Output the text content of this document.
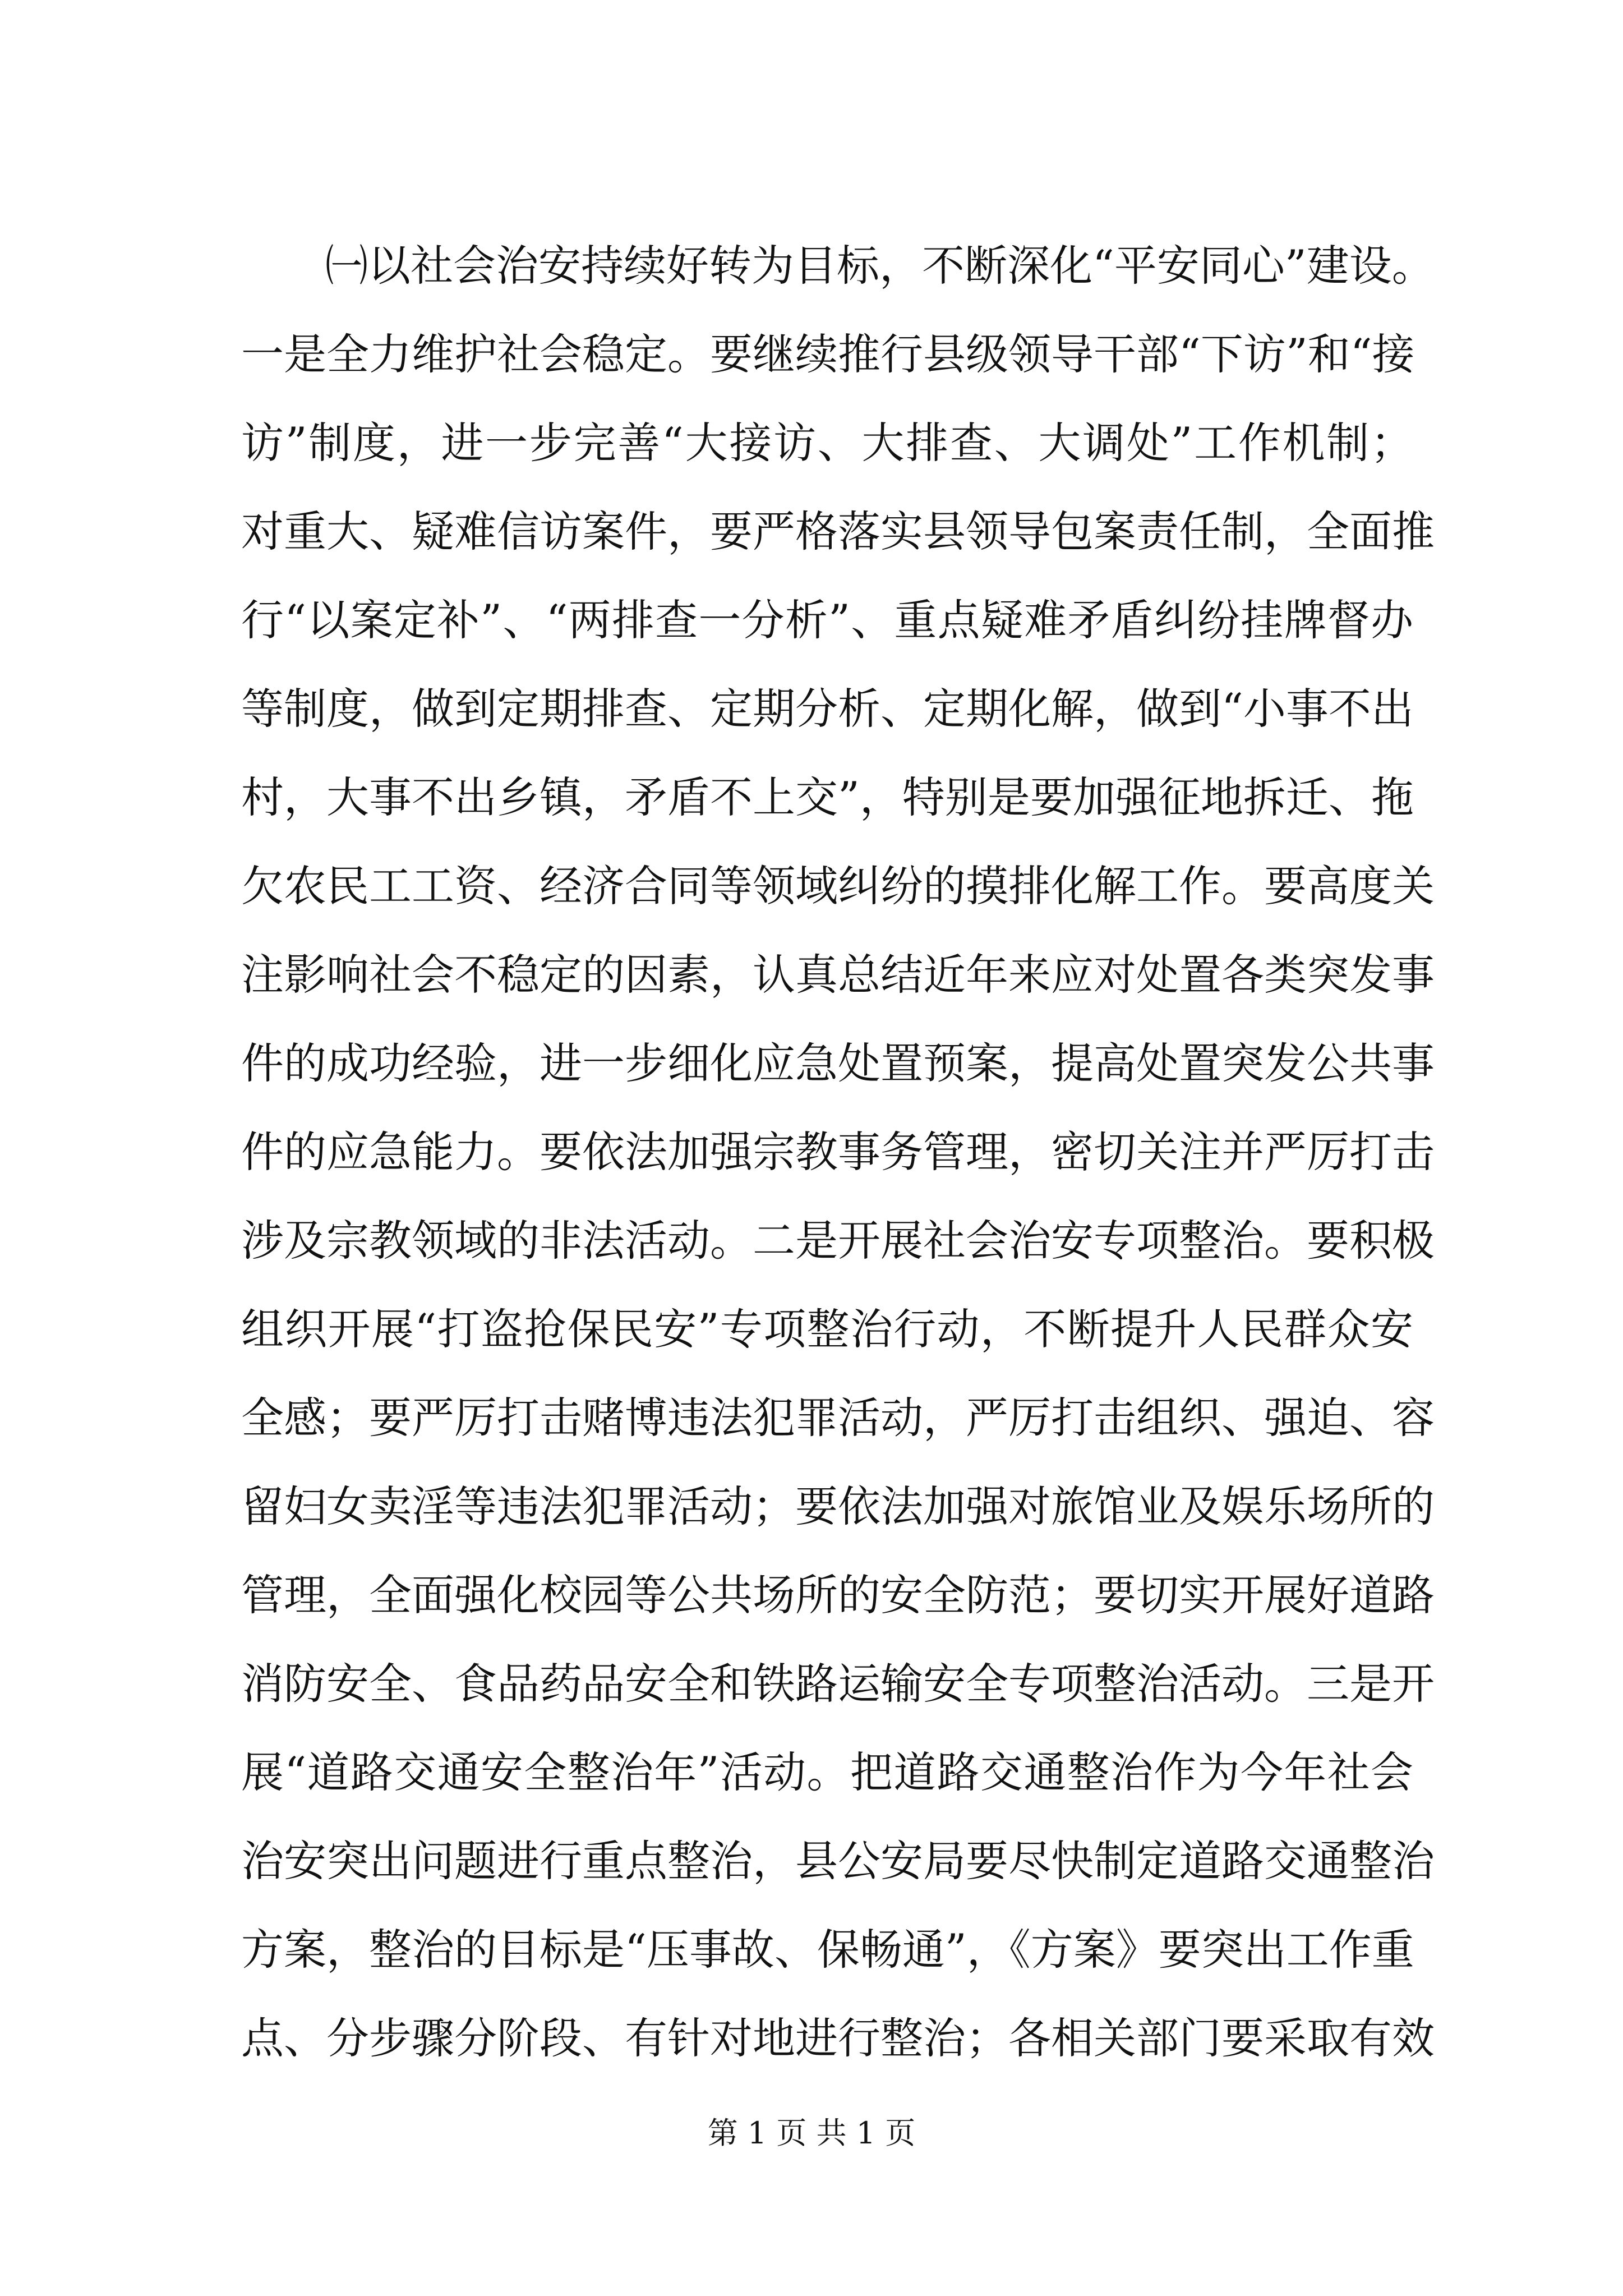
㈠以社会治安持续好转为目标，不断深化“平安同心”建设。
一是全力维护社会稳定。要继续推行县级领导干部“下访”和“接
访”制度，进一步完善“大接访、大排查、大调处”工作机制；
对重大、疑难信访案件，要严格落实县领导包案责任制，全面推
行“以案定补”、“两排查一分析”、重点疑难矛盾纠纷挂牌督办
等制度，做到定期排查、定期分析、定期化解，做到“小事不出
村，大事不出乡镇，矛盾不上交”，特别是要加强征地拆迁、拖
欠农民工工资、经济合同等领域纠纷的摸排化解工作。要高度关
注影响社会不稳定的因素，认真总结近年来应对处置各类突发事
件的成功经验，进一步细化应急处置预案，提高处置突发公共事
件的应急能力。要依法加强宗教事务管理，密切关注并严厉打击
涉及宗教领域的非法活动。二是开展社会治安专项整治。要积极
组织开展“打盗抢保民安”专项整治行动，不断提升人民群众安
全感；要严厉打击赌博违法犯罪活动，严厉打击组织、强迫、容
留妇女卖淫等违法犯罪活动；要依法加强对旅馆业及娱乐场所的
管理，全面强化校园等公共场所的安全防范；要切实开展好道路
消防安全、食品药品安全和铁路运输安全专项整治活动。三是开
展“道路交通安全整治年”活动。把道路交通整治作为今年社会
治安突出问题进行重点整治，县公安局要尽快制定道路交通整治
方案，整治的目标是“压事故、保畅通”，《方案》要突出工作重
点、分步骤分阶段、有针对地进行整治；各相关部门要采取有效
第 1 页 共 1 页
